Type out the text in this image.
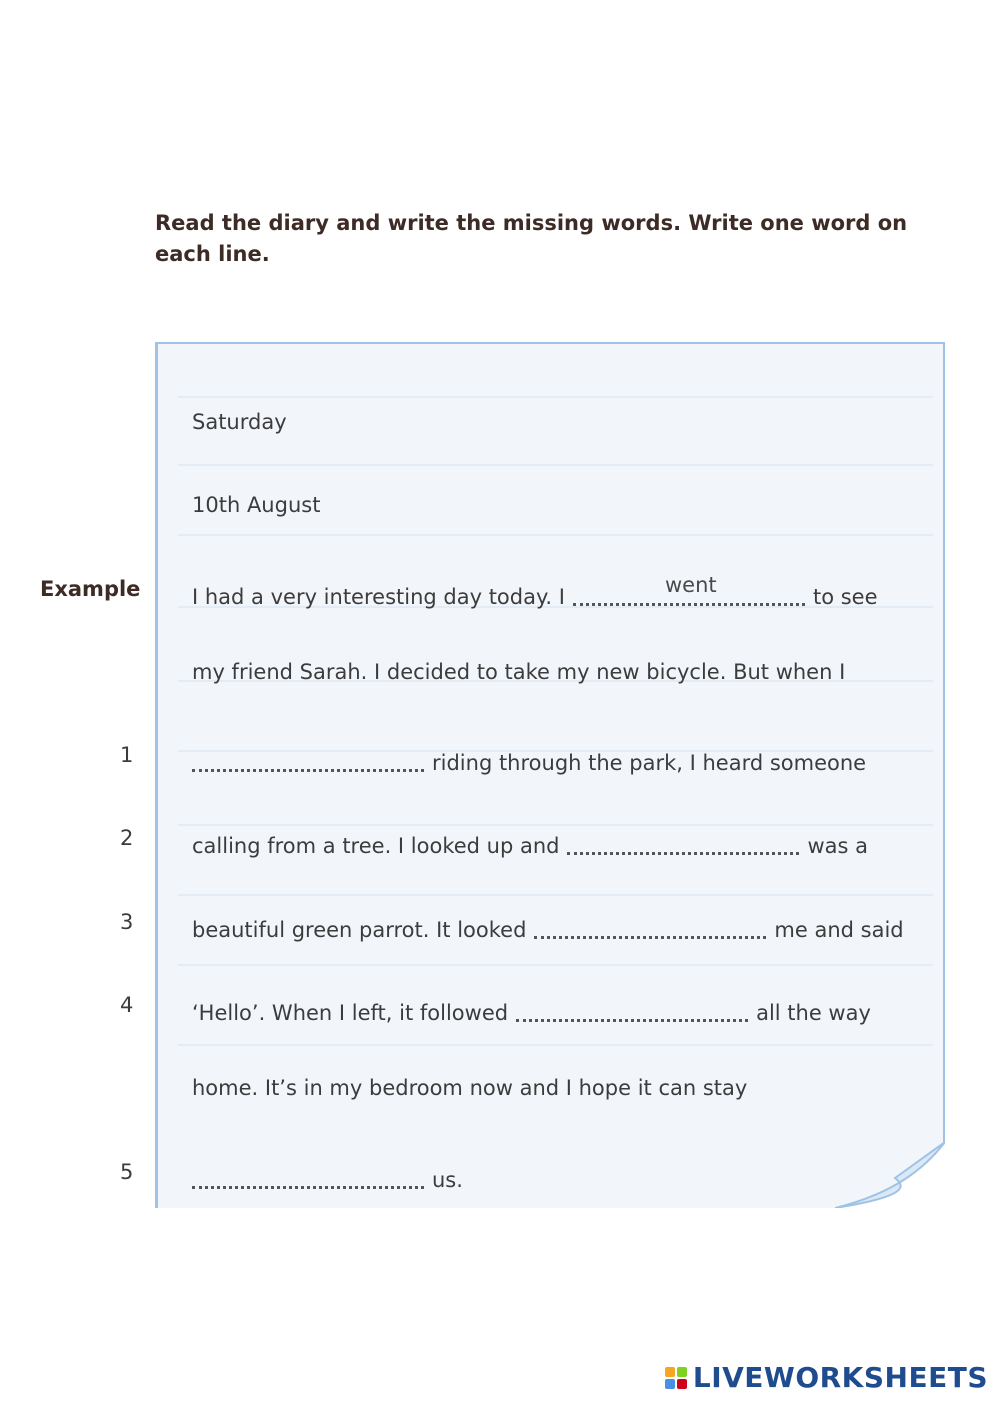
Read the diary and write the missing words. Write one word on each line.

Saturday
10th August
Example I had a very interesting day today. I	went	to see
my friend Sarah. I decided to take my new bicycle. But when I
1	riding through the park, I heard someone
2	calling from a tree. I looked up and	was a
3	beautiful green parrot. It looked	me and said
4	‘Hello’. When I left, it followed	all the way
home. It’s in my bedroom now and I hope it can stay
5	us.
LIVEWORKSHEETS
